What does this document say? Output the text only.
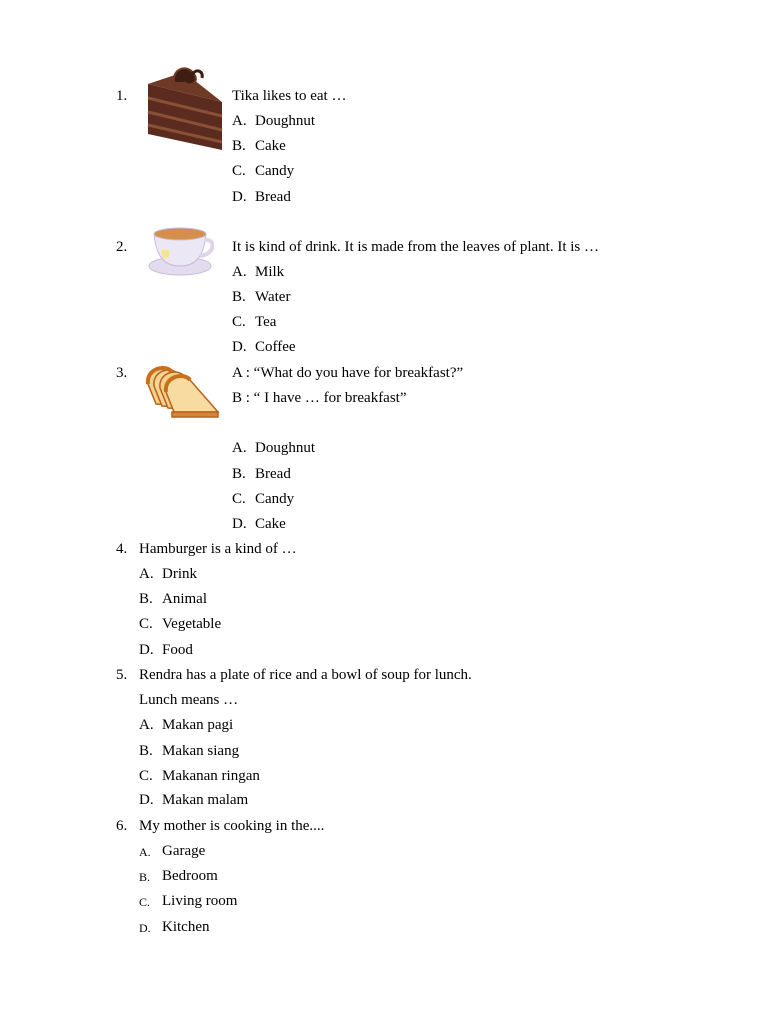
1.	Tika likes to eat …
A. Doughnut
B. Cake
C. Candy
D. Bread
2.	It is kind of drink. It is made from the leaves of plant. It is …
A. Milk
B. Water
C. Tea
D. Coffee
3.	A : “What do you have for breakfast?”
B : “ I have … for breakfast”
A. Doughnut
B. Bread
C. Candy
D. Cake
4. Hamburger is a kind of …
A. Drink
B. Animal
C. Vegetable
D. Food
5. Rendra has a plate of rice and a bowl of soup for lunch.
Lunch means …
A. Makan pagi
B. Makan siang
C. Makanan ringan
D. Makan malam
6. My mother is cooking in the....
A. Garage
B. Bedroom
C. Living room
D. Kitchen
